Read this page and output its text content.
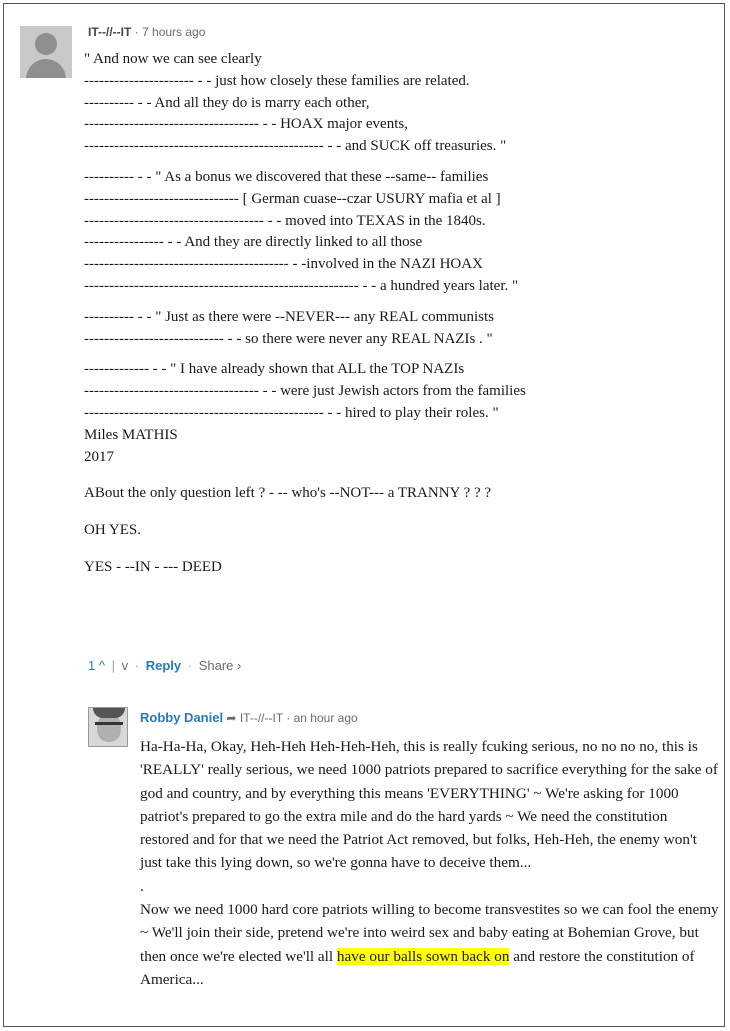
IT--//--IT · 7 hours ago
" And now we can see clearly
---------------------- - - just how closely these families are related.
---------- - - And all they do is marry each other,
----------------------------------- - - HOAX major events,
------------------------------------------------ - - and SUCK off treasuries. "
---------- - - " As a bonus we discovered that these --same-- families
------------------------------- [ German cuase--czar USURY mafia et al ]
------------------------------------ - - moved into TEXAS in the 1840s.
---------------- - - And they are directly linked to all those
----------------------------------------- - -involved in the NAZI HOAX
------------------------------------------------------- - - a hundred years later. "
---------- - - " Just as there were --NEVER--- any REAL communists
---------------------------- - - so there were never any REAL NAZIs . "
------------- - - " I have already shown that ALL the TOP NAZIs
----------------------------------- - - were just Jewish actors from the families
------------------------------------------------ - - hired to play their roles. "
Miles MATHIS
2017
ABout the only question left ? - -- who's --NOT--- a TRANNY ? ? ?
OH YES.
YES - --IN - --- DEED
1 ^ | v · Reply · Share ›
Robby Daniel ➦ IT--//--IT · an hour ago

Ha-Ha-Ha, Okay, Heh-Heh Heh-Heh-Heh, this is really fcuking serious, no no no no, this is 'REALLY' really serious, we need 1000 patriots prepared to sacrifice everything for the sake of god and country, and by everything this means 'EVERYTHING' ~ We're asking for 1000 patriot's prepared to go the extra mile and do the hard yards ~ We need the constitution restored and for that we need the Patriot Act removed, but folks, Heh-Heh, the enemy won't just take this lying down, so we're gonna have to deceive them...

.

Now we need 1000 hard core patriots willing to become transvestites so we can fool the enemy ~ We'll join their side, pretend we're into weird sex and baby eating at Bohemian Grove, but then once we're elected we'll all have our balls sown back on and restore the constitution of America...
